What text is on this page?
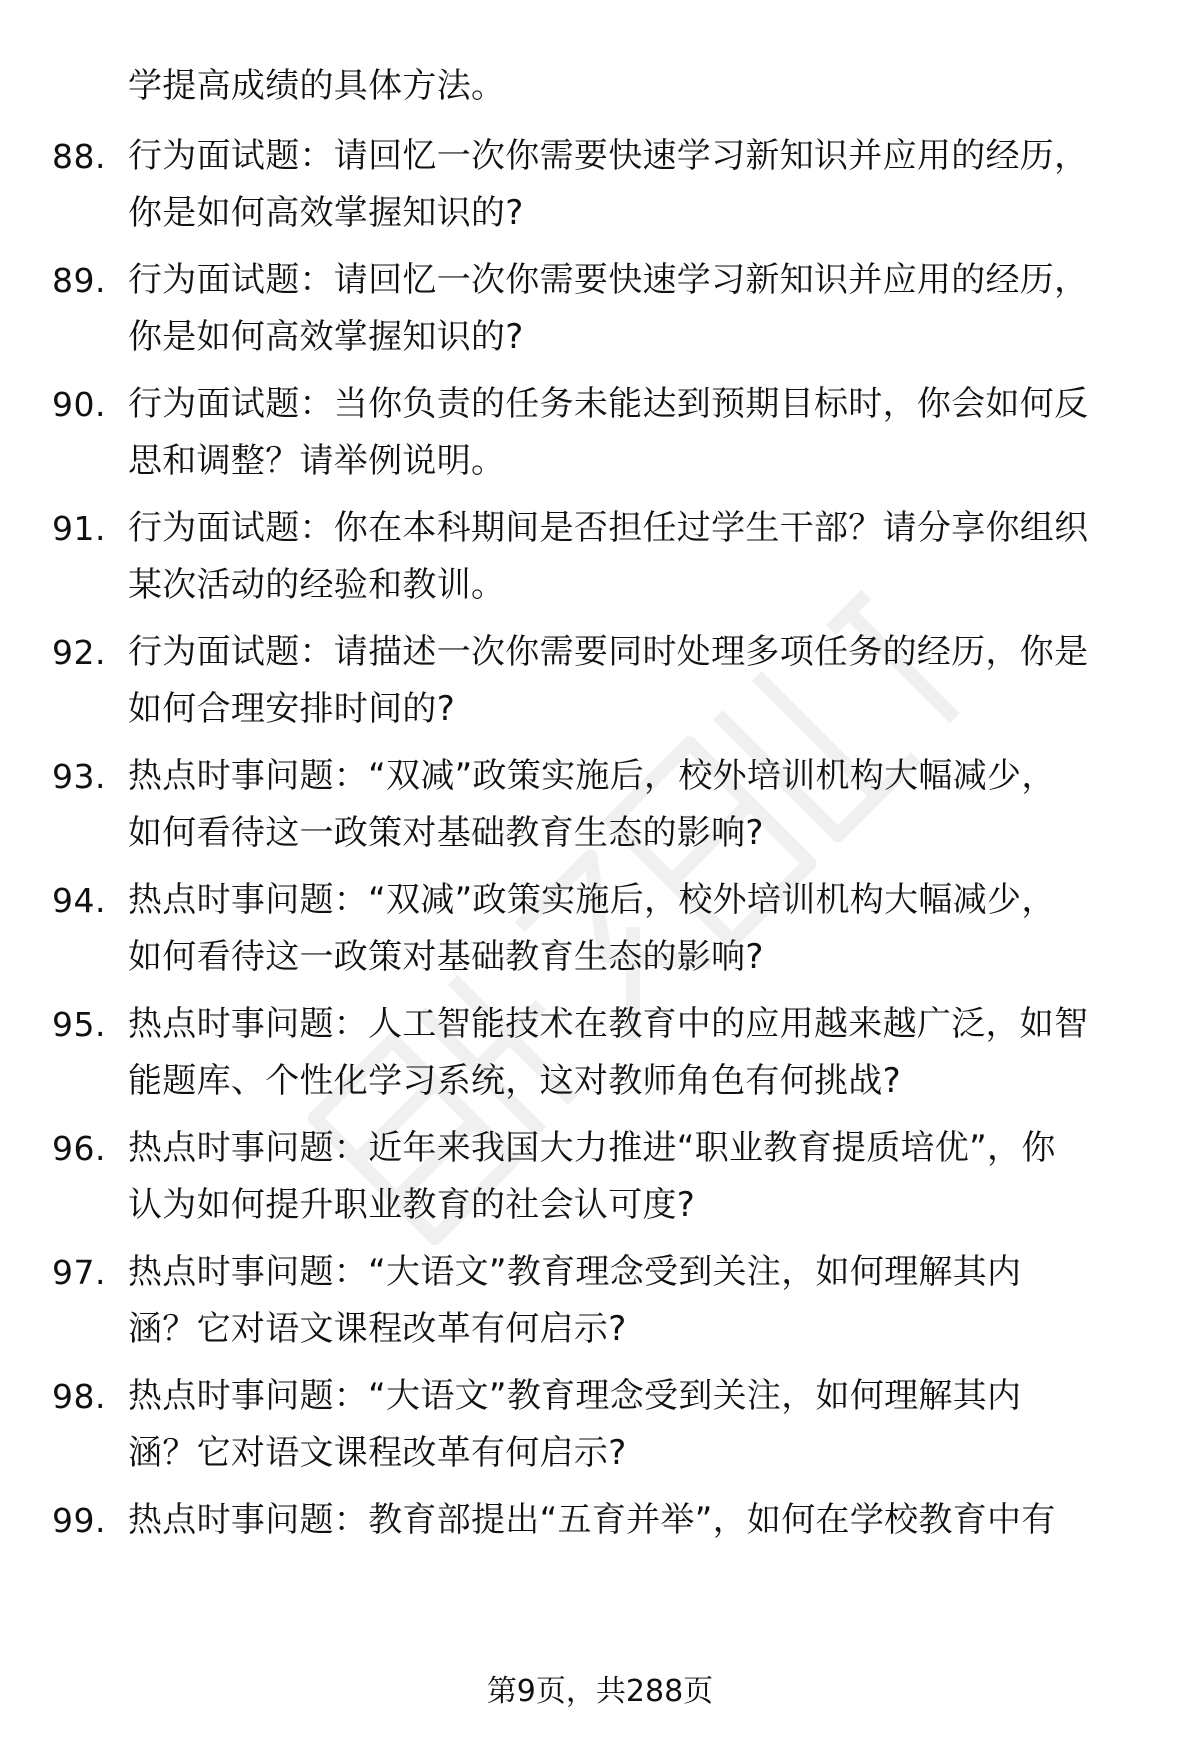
学提高成绩的具体方法。
88. 行为面试题：请回忆一次你需要快速学习新知识并应用的经历，
你是如何高效掌握知识的?
89. 行为面试题：请回忆一次你需要快速学习新知识并应用的经历，
你是如何高效掌握知识的?
90. 行为面试题：当你负责的任务未能达到预期目标时，你会如何反
思和调整？请举例说明。
91. 行为面试题：你在本科期间是否担任过学生干部？请分享你组织
某次活动的经验和教训。
92. 行为面试题：请描述一次你需要同时处理多项任务的经历，你是
如何合理安排时间的?
93. 热点时事问题：“双减”政策实施后，校外培训机构大幅减少，
如何看待这一政策对基础教育生态的影响?
94. 热点时事问题：“双减”政策实施后，校外培训机构大幅减少，
如何看待这一政策对基础教育生态的影响?
95. 热点时事问题：人工智能技术在教育中的应用越来越广泛，如智
能题库、个性化学习系统，这对教师角色有何挑战?
96. 热点时事问题：近年来我国大力推进“职业教育提质培优”，你
认为如何提升职业教育的社会认可度?
97. 热点时事问题：“大语文”教育理念受到关注，如何理解其内
涵？它对语文课程改革有何启示?
98. 热点时事问题：“大语文”教育理念受到关注，如何理解其内
涵？它对语文课程改革有何启示?
99. 热点时事问题：教育部提出“五育并举”，如何在学校教育中有
第9页，共288页
